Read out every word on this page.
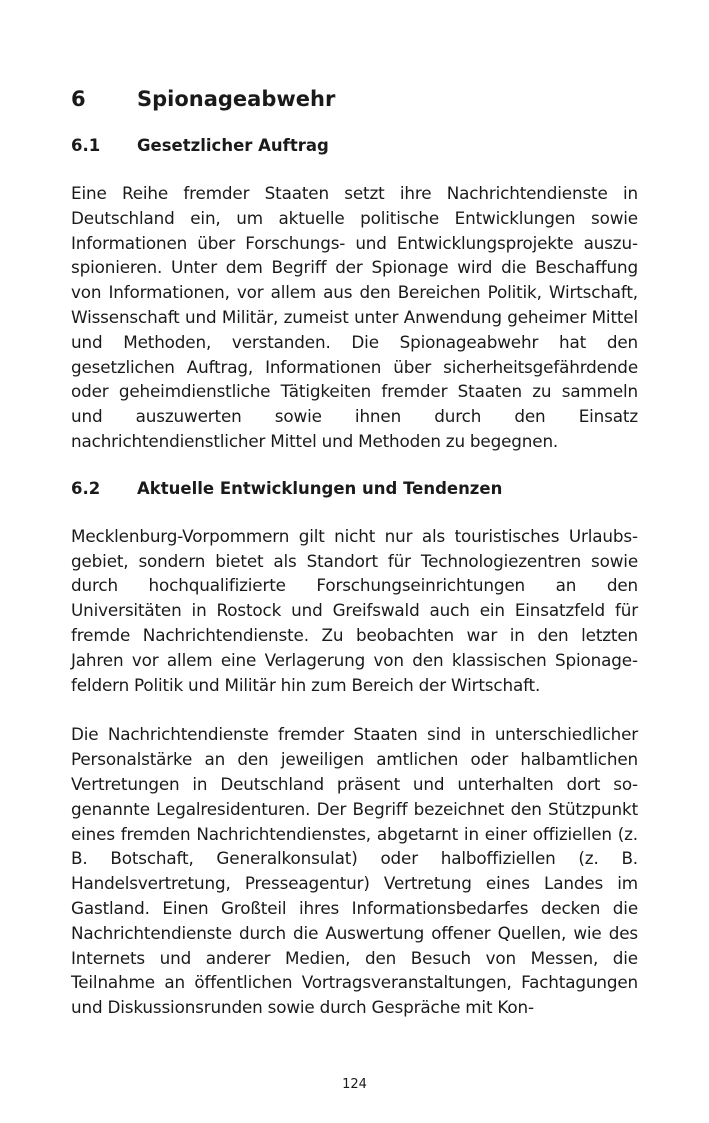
6	Spionageabwehr
6.1	Gesetzlicher Auftrag

Eine Reihe fremder Staaten setzt ihre Nachrichtendienste in Deutschland ein, um aktuelle politische Entwicklungen sowie Informationen über Forschungs- und Entwicklungsprojekte auszuspionieren. Unter dem Begriff der Spionage wird die Beschaffung von Informationen, vor allem aus den Bereichen Politik, Wirtschaft, Wissenschaft und Militär, zumeist unter Anwendung geheimer Mittel und Methoden, verstanden. Die Spionageabwehr hat den gesetzlichen Auftrag, Informationen über sicherheitsgefährdende oder geheimdienstliche Tätigkeiten fremder Staaten zu sammeln und auszuwerten sowie ihnen durch den Einsatz nachrichtendienstlicher Mittel und Methoden zu begegnen.

6.2	Aktuelle Entwicklungen und Tendenzen

Mecklenburg-Vorpommern gilt nicht nur als touristisches Urlaubsgebiet, sondern bietet als Standort für Technologiezentren sowie durch hochqualifizierte Forschungseinrichtungen an den Universitäten in Rostock und Greifswald auch ein Einsatzfeld für fremde Nachrichtendienste. Zu beobachten war in den letzten Jahren vor allem eine Verlagerung von den klassischen Spionagefeldern Politik und Militär hin zum Bereich der Wirtschaft.

Die Nachrichtendienste fremder Staaten sind in unterschiedlicher Personalstärke an den jeweiligen amtlichen oder halbamtlichen Vertretungen in Deutschland präsent und unterhalten dort sogenannte Legalresidenturen. Der Begriff bezeichnet den Stützpunkt eines fremden Nachrichtendienstes, abgetarnt in einer offiziellen (z. B. Botschaft, Generalkonsulat) oder halboffiziellen (z. B. Handelsvertretung, Presseagentur) Vertretung eines Landes im Gastland. Einen Großteil ihres Informationsbedarfes decken die Nachrichtendienste durch die Auswertung offener Quellen, wie des Internets und anderer Medien, den Besuch von Messen, die Teilnahme an öffentlichen Vortragsveranstaltungen, Fachtagungen und Diskussionsrunden sowie durch Gespräche mit Kon-

124
